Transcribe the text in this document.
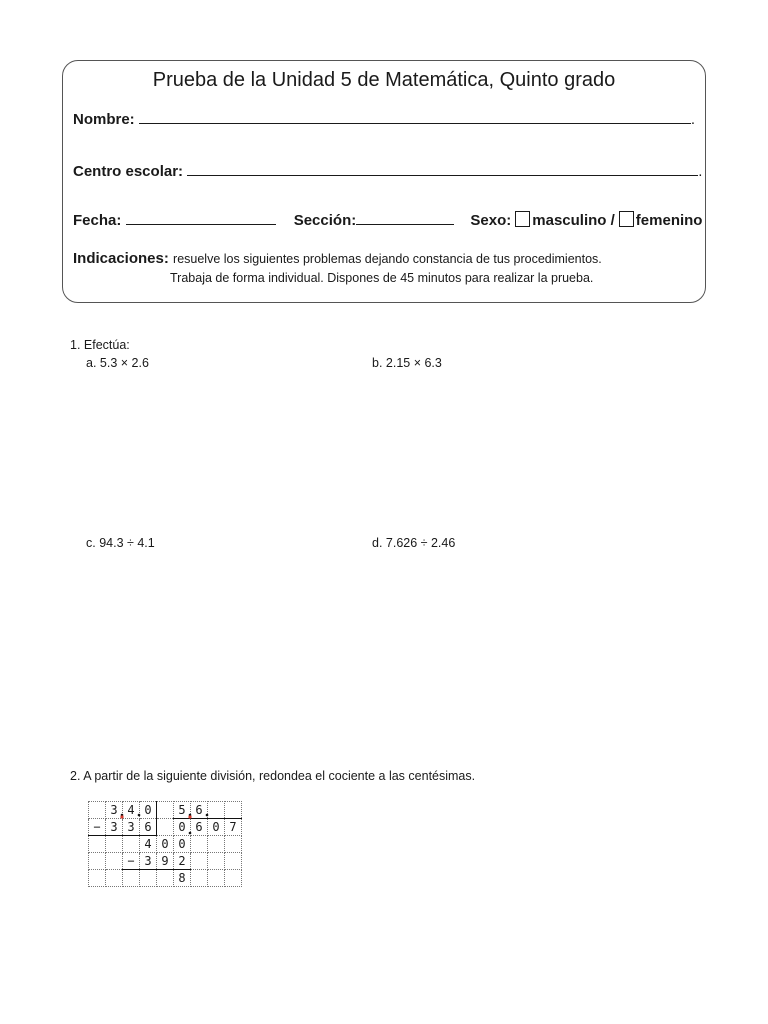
Prueba de la Unidad 5 de Matemática, Quinto grado
Nombre:	.
Centro escolar:	.
Fecha:	Sección:	Sexo: masculino / femenino
Indicaciones: resuelve los siguientes problemas dejando constancia de tus procedimientos.
Trabaja de forma individual. Dispones de 45 minutos para realizar la prueba.
1. Efectúa:
a. 5.3 × 2.6	b. 2.15 × 6.3
c. 94.3 ÷ 4.1	d. 7.626 ÷ 2.46
2. A partir de la siguiente división, redondea el cociente a las centésimas.
	3	4	0		5	6		
−	3	3	6		0	6	0	7
			4	0	0			
		−	3	9	2			
					8			
